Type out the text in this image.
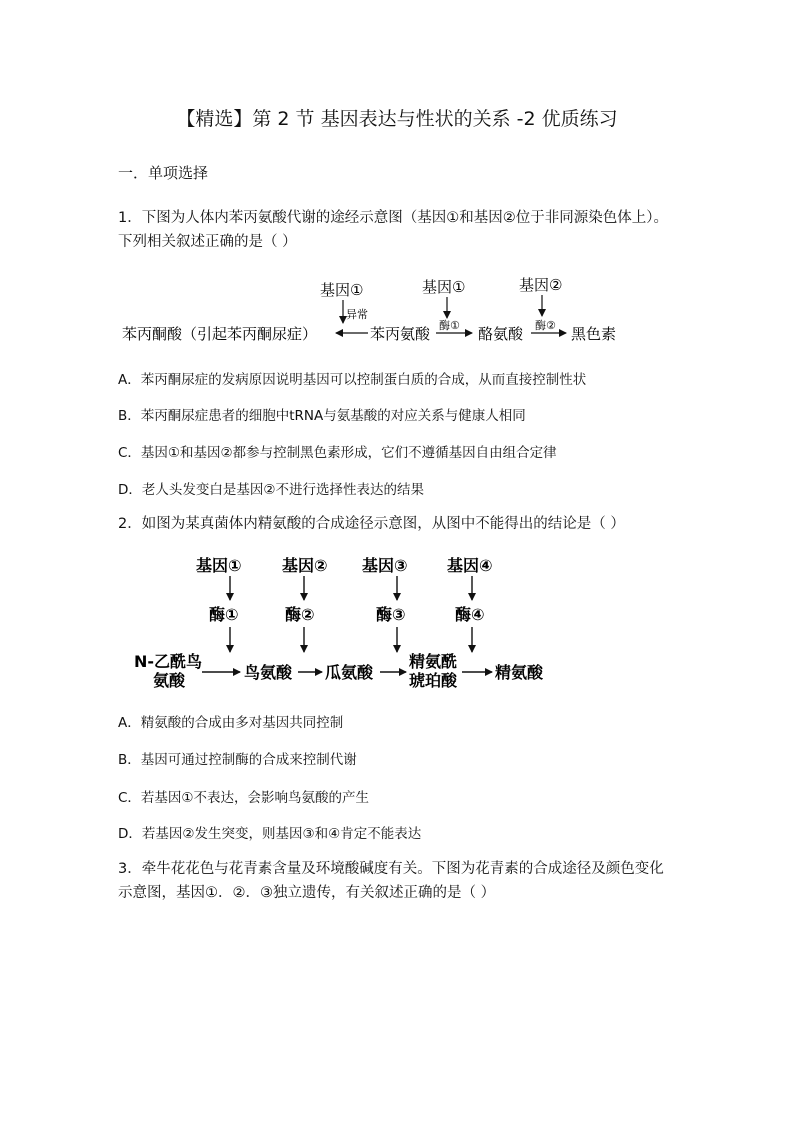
【精选】第 2 节 基因表达与性状的关系 -2 优质练习
一．单项选择
1．下图为人体内苯丙氨酸代谢的途经示意图（基因①和基因②位于非同源染色体上）。
下列相关叙述正确的是（ ）
基因①
异常
基因①	基因②
苯丙酮酸（引起苯丙酮尿症）	苯丙氨酸 酶① 酪氨酸 酶② 黑色素
基因①	基因② 基因③ 基因④
酶①	酶②	酶③	酶④
N-乙酰鸟
氨酸	鸟氨酸 瓜氨酸
精氨酰
琥珀酸 精氨酸
A．苯丙酮尿症的发病原因说明基因可以控制蛋白质的合成，从而直接控制性状
B．苯丙酮尿症患者的细胞中tRNA与氨基酸的对应关系与健康人相同
C．基因①和基因②都参与控制黑色素形成，它们不遵循基因自由组合定律
D．老人头发变白是基因②不进行选择性表达的结果
2．如图为某真菌体内精氨酸的合成途径示意图，从图中不能得出的结论是（ ）
A．精氨酸的合成由多对基因共同控制
B．基因可通过控制酶的合成来控制代谢
C．若基因①不表达，会影响鸟氨酸的产生
D．若基因②发生突变，则基因③和④肯定不能表达
3．牵牛花花色与花青素含量及环境酸碱度有关。下图为花青素的合成途径及颜色变化
示意图，基因①．②．③独立遗传，有关叙述正确的是（ ）
